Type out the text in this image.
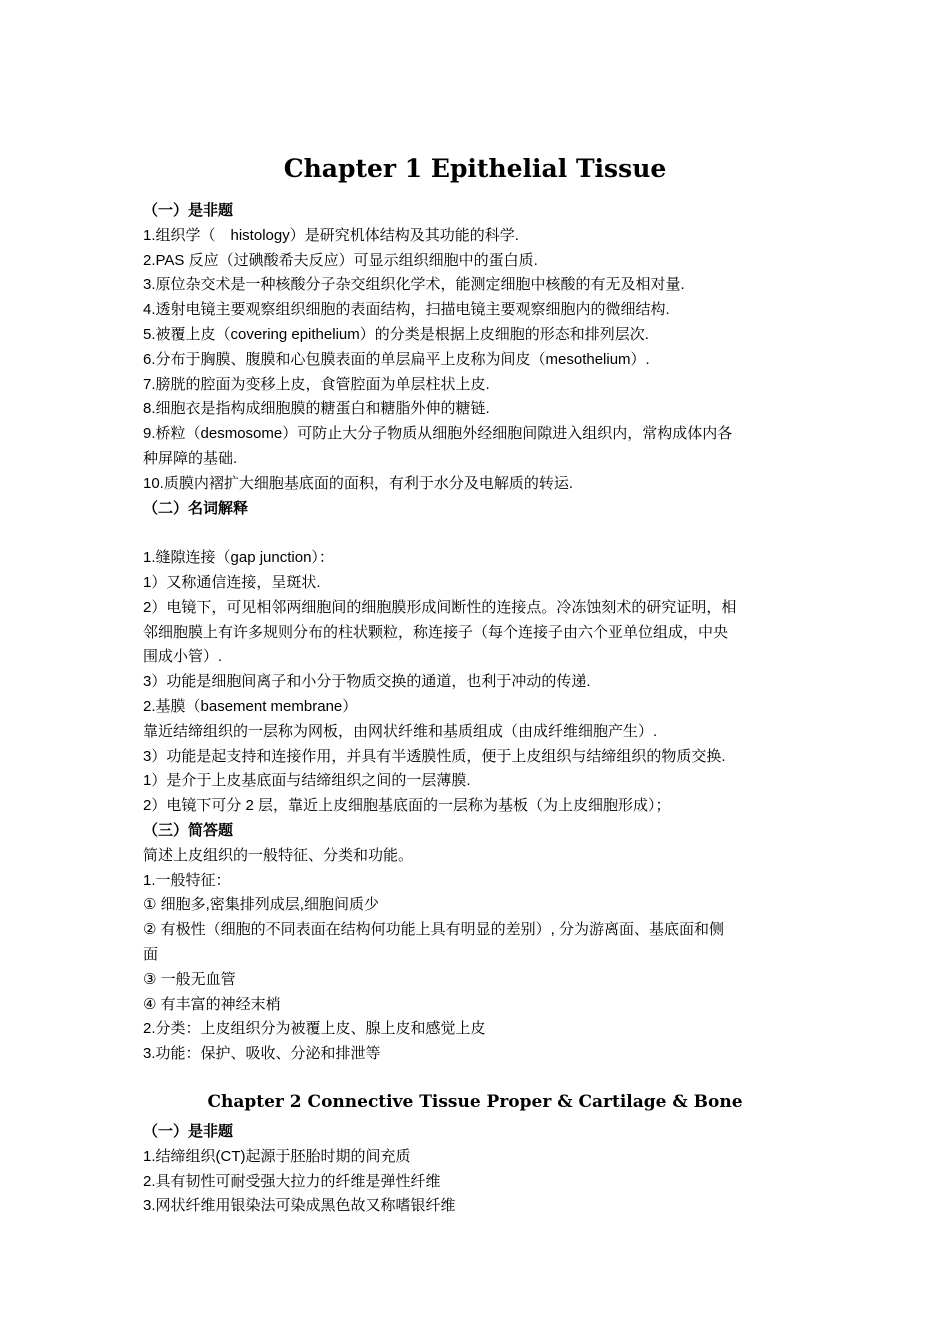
Chapter 1 Epithelial Tissue
（一）是非题
1.组织学（　histology）是研究机体结构及其功能的科学.
2.PAS 反应（过碘酸希夫反应）可显示组织细胞中的蛋白质.
3.原位杂交术是一种核酸分子杂交组织化学术，能测定细胞中核酸的有无及相对量.
4.透射电镜主要观察组织细胞的表面结构，扫描电镜主要观察细胞内的微细结构.
5.被覆上皮（covering epithelium）的分类是根据上皮细胞的形态和排列层次.
6.分布于胸膜、腹膜和心包膜表面的单层扁平上皮称为间皮（mesothelium）.
7.膀胱的腔面为变移上皮，食管腔面为单层柱状上皮.
8.细胞衣是指构成细胞膜的糖蛋白和糖脂外伸的糖链.
9.桥粒（desmosome）可防止大分子物质从细胞外经细胞间隙进入组织内，常构成体内各
种屏障的基础.
10.质膜内褶扩大细胞基底面的面积，有利于水分及电解质的转运.
（二）名词解释
1.缝隙连接（gap junction）：
1）又称通信连接，呈斑状.
2）电镜下，可见相邻两细胞间的细胞膜形成间断性的连接点。冷冻蚀刻术的研究证明，相
邻细胞膜上有许多规则分布的柱状颗粒，称连接子（每个连接子由六个亚单位组成，中央
围成小管）.
3）功能是细胞间离子和小分于物质交换的通道，也利于冲动的传递.
2.基膜（basement membrane）
靠近结缔组织的一层称为网板，由网状纤维和基质组成（由成纤维细胞产生）.
3）功能是起支持和连接作用，并具有半透膜性质，便于上皮组织与结缔组织的物质交换.
1）是介于上皮基底面与结缔组织之间的一层薄膜.
2）电镜下可分 2 层，靠近上皮细胞基底面的一层称为基板（为上皮细胞形成）；
（三）简答题
简述上皮组织的一般特征、分类和功能。
1.一般特征：
① 细胞多,密集排列成层,细胞间质少
② 有极性（细胞的不同表面在结构何功能上具有明显的差别）, 分为游离面、基底面和侧
面
③ 一般无血管
④ 有丰富的神经末梢
2.分类：上皮组织分为被覆上皮、腺上皮和感觉上皮
3.功能：保护、吸收、分泌和排泄等
Chapter 2 Connective Tissue Proper & Cartilage & Bone
（一）是非题
1.结缔组织(CT)起源于胚胎时期的间充质
2.具有韧性可耐受强大拉力的纤维是弹性纤维
3.网状纤维用银染法可染成黑色故又称嗜银纤维
